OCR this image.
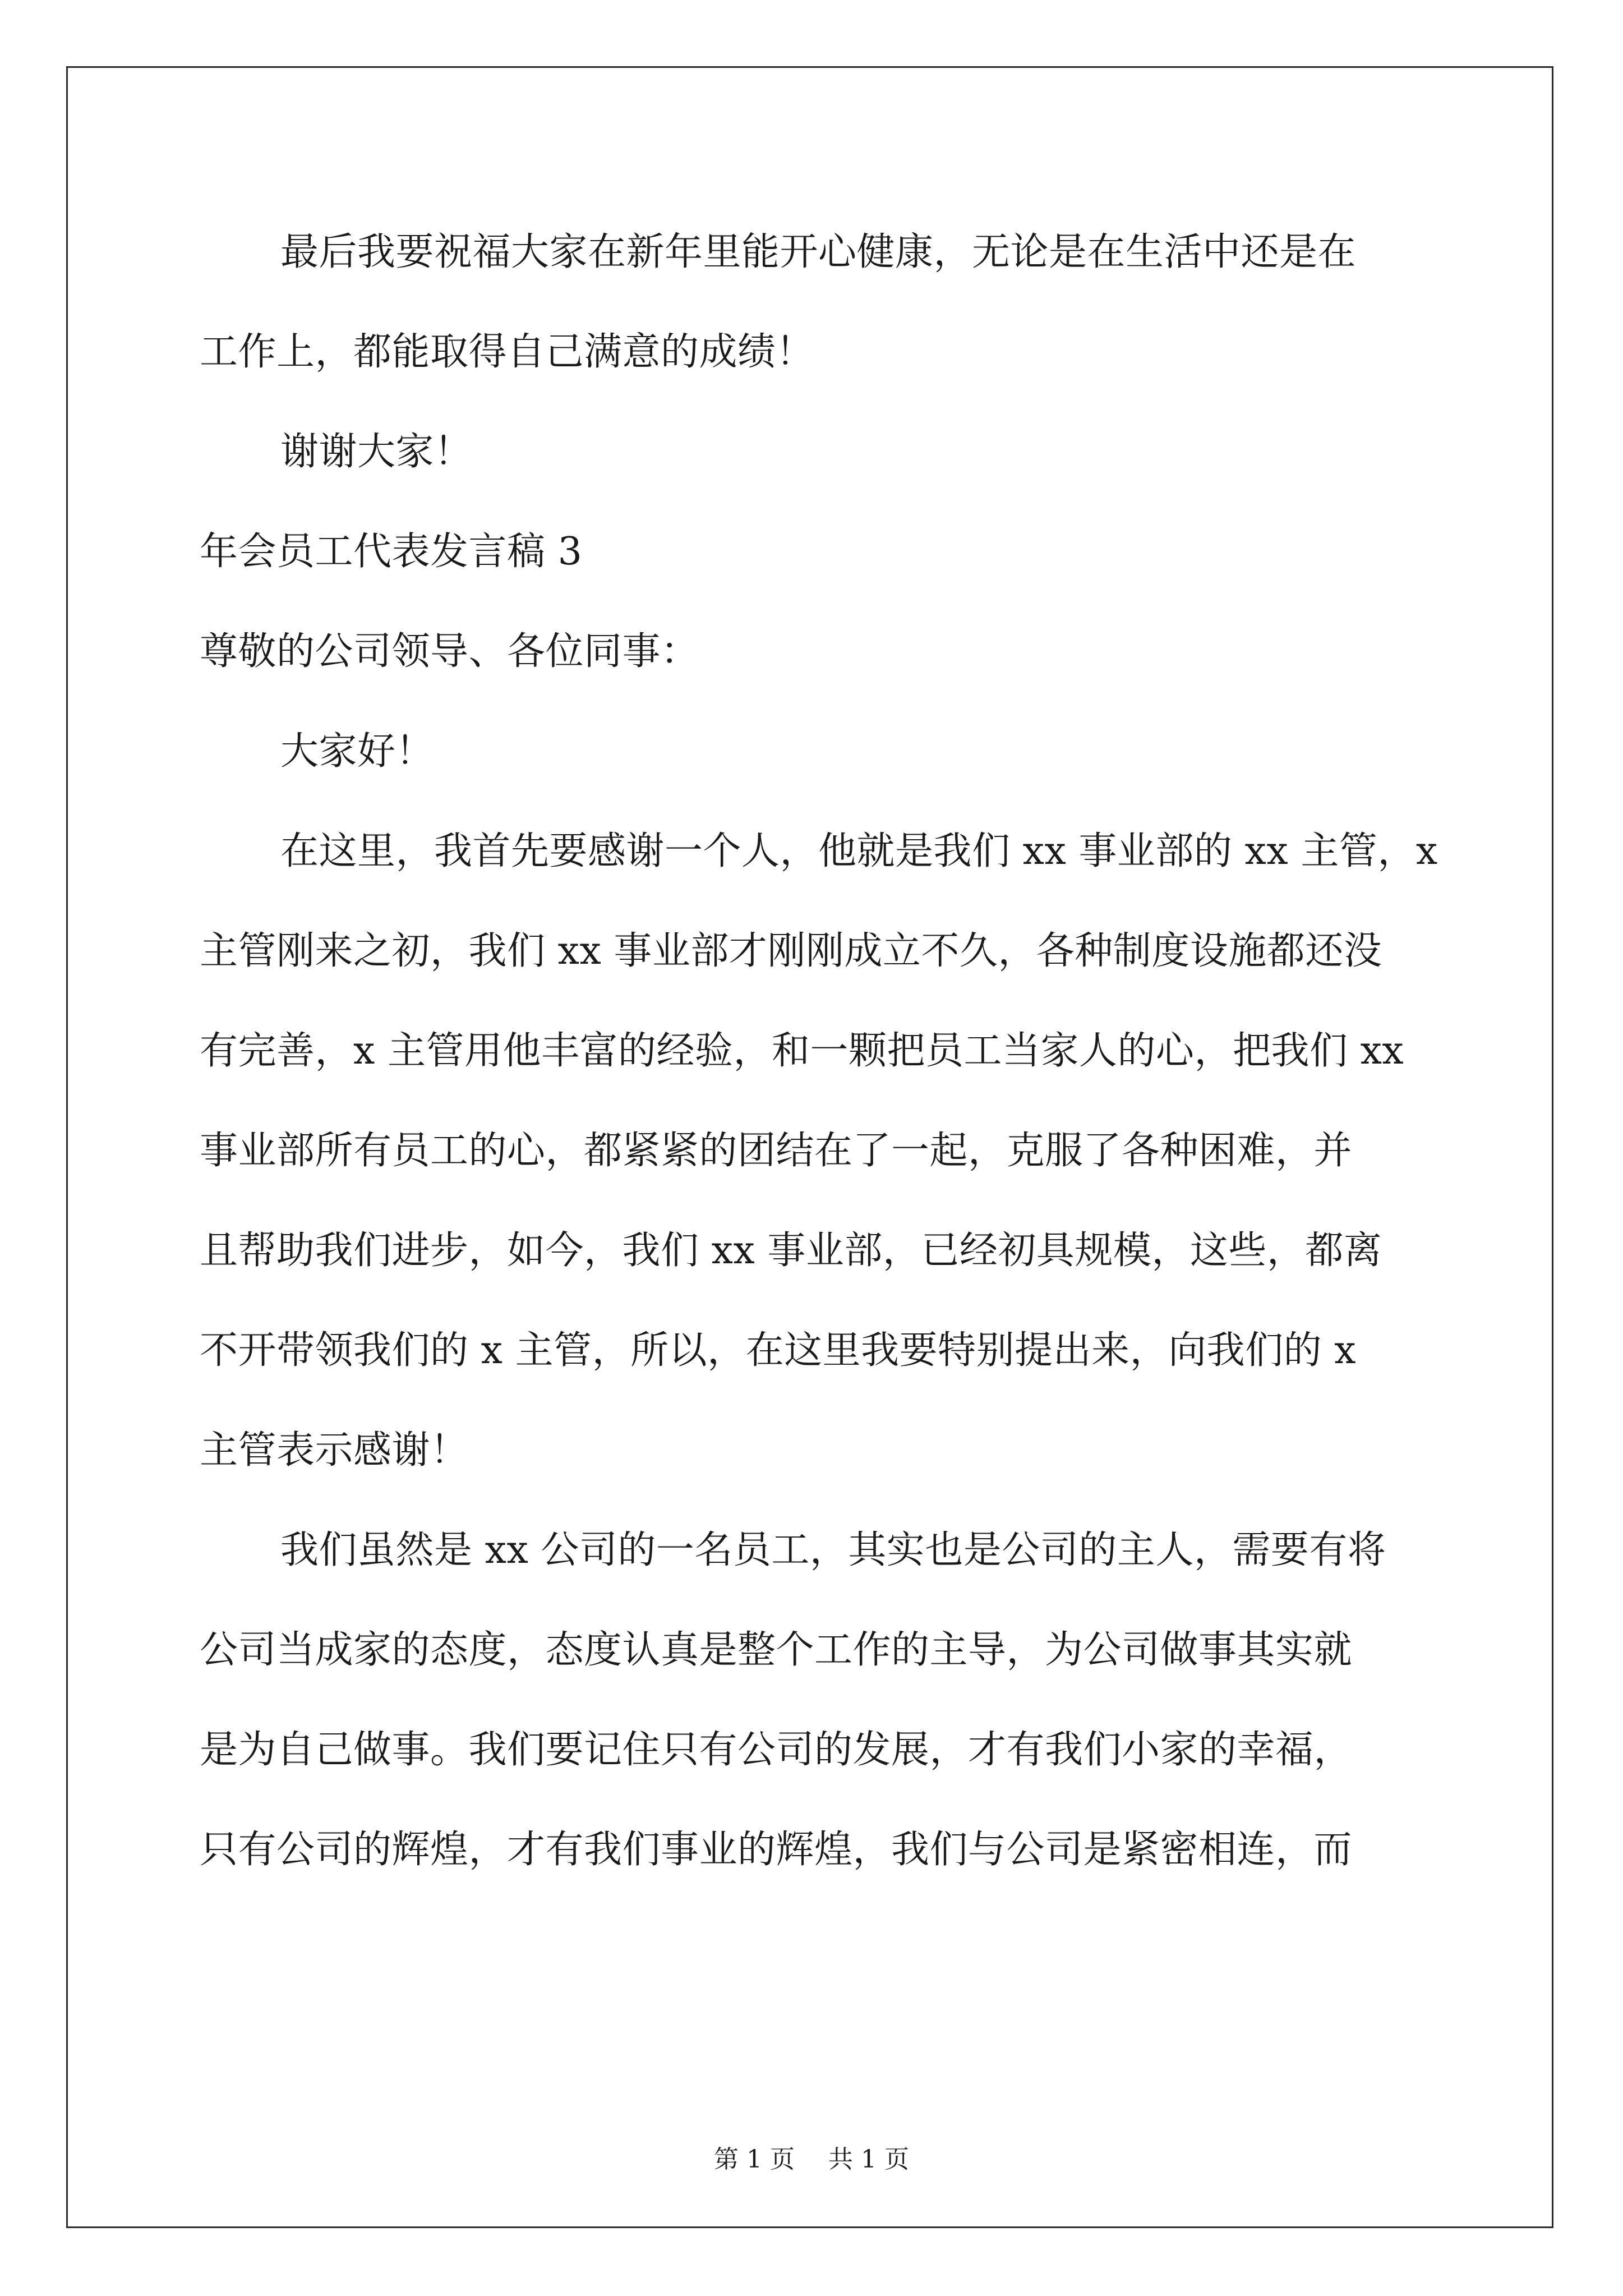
最后我要祝福大家在新年里能开心健康，无论是在生活中还是在
工作上，都能取得自己满意的成绩！
谢谢大家！
年会员工代表发言稿 3
尊敬的公司领导、各位同事：
大家好！
在这里，我首先要感谢一个人，他就是我们 xx 事业部的 xx 主管，x
主管刚来之初，我们 xx 事业部才刚刚成立不久，各种制度设施都还没
有完善，x 主管用他丰富的经验，和一颗把员工当家人的心，把我们 xx
事业部所有员工的心，都紧紧的团结在了一起，克服了各种困难，并
且帮助我们进步，如今，我们 xx 事业部，已经初具规模，这些，都离
不开带领我们的 x 主管，所以，在这里我要特别提出来，向我们的 x
主管表示感谢！
我们虽然是 xx 公司的一名员工，其实也是公司的主人，需要有将
公司当成家的态度，态度认真是整个工作的主导，为公司做事其实就
是为自己做事。我们要记住只有公司的发展，才有我们小家的幸福，
只有公司的辉煌，才有我们事业的辉煌，我们与公司是紧密相连，而
第 1 页 共 1 页
